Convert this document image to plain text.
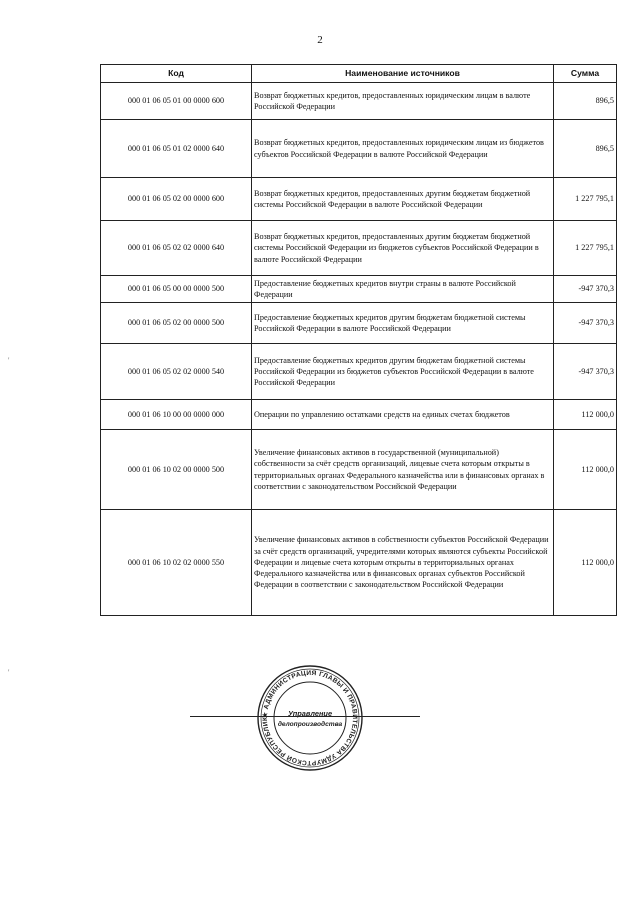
2
Код	Наименование источников	Сумма
000 01 06 05 01 00 0000 600	Возврат бюджетных кредитов, предоставленных юридическим лицам в валюте Российской Федерации	896,5
000 01 06 05 01 02 0000 640	Возврат бюджетных кредитов, предоставленных юридическим лицам из бюджетов субъектов Российской Федерации в валюте Российской Федерации	896,5
000 01 06 05 02 00 0000 600	Возврат бюджетных кредитов, предоставленных другим бюджетам бюджетной системы Российской Федерации в валюте Российской Федерации	1 227 795,1
000 01 06 05 02 02 0000 640	Возврат бюджетных кредитов, предоставленных другим бюджетам бюджетной системы Российской Федерации из бюджетов субъектов Российской Федерации в валюте Российской Федерации	1 227 795,1
000 01 06 05 00 00 0000 500	Предоставление бюджетных кредитов внутри страны в валюте Российской Федерации	-947 370,3
000 01 06 05 02 00 0000 500	Предоставление бюджетных кредитов другим бюджетам бюджетной системы Российской Федерации в валюте Российской Федерации	-947 370,3
000 01 06 05 02 02 0000 540	Предоставление бюджетных кредитов другим бюджетам бюджетной системы Российской Федерации из бюджетов субъектов Российской Федерации в валюте Российской Федерации	-947 370,3
000 01 06 10 00 00 0000 000	Операции по управлению остатками средств на единых счетах бюджетов	112 000,0
000 01 06 10 02 00 0000 500	Увеличение финансовых активов в государственной (муниципальной) собственности за счёт средств организаций, лицевые счета которым открыты в территориальных органах Федерального казначейства или в финансовых органах в соответствии с законодательством Российской Федерации	112 000,0
000 01 06 10 02 02 0000 550	Увеличение финансовых активов в собственности субъектов Российской Федерации за счёт средств организаций, учредителями которых являются субъекты Российской Федерации и лицевые счета которым открыты в территориальных органах Федерального казначейства или в финансовых органах субъектов Российской Федерации в соответствии с законодательством Российской Федерации	112 000,0
'
'
★ АДМИНИСТРАЦИЯ ГЛАВЫ И ПРАВИТЕЛЬСТВА УДМУРТСКОЙ РЕСПУБЛИК
Управление
делопроизводства
